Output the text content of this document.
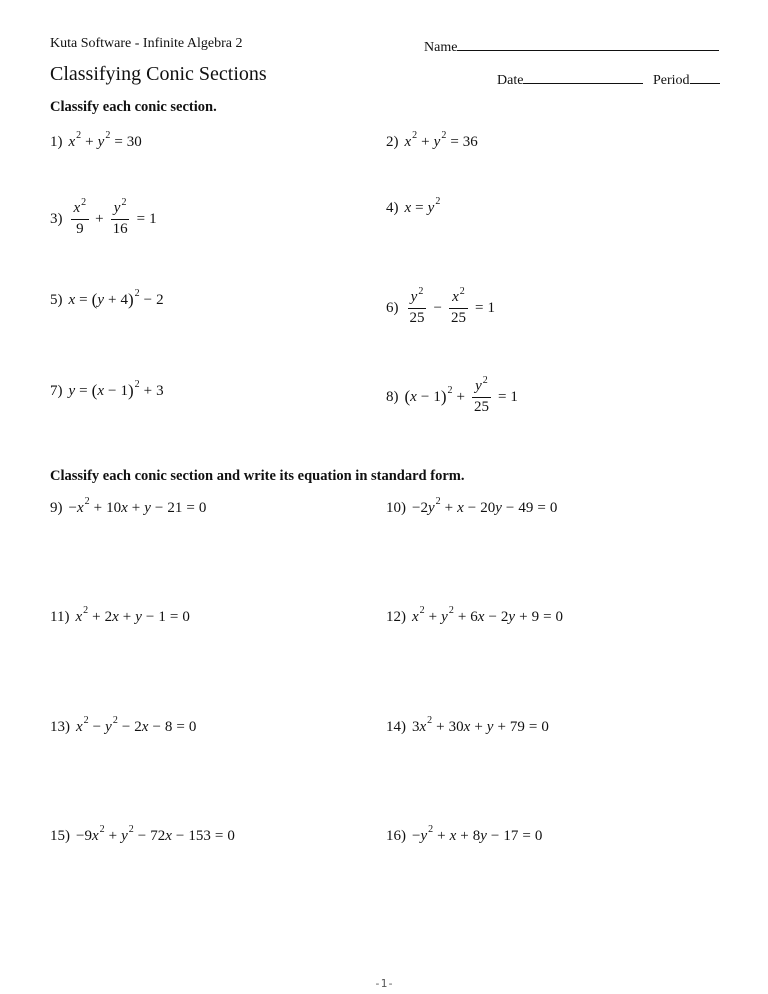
Kuta Software - Infinite Algebra 2	Name
Classifying Conic Sections	Date	Period
Classify each conic section.
1) $x^2 + y^2 = 30$	2) $x^2 + y^2 = 36$
$3) \frac{x^2}{9} + \frac{y^2}{16} = 1$
4) $x = y^2$
5) x = ( y + 4 )$^2$ − 2	$6) \frac{y^2}{25} - \frac{x^2}{25} = 1$
7) y = ( x − 1 )$^2$ + 3	8) ( x − 1 )$^2 + \frac{y^2}{25} = 1$
Classify each conic section and write its equation in standard form.
$9) - x^2 + 10$ x + y − 21 = 0	10) − 2 $y^2 + x - 20$ y − 49 = 0
11) $x^2 + 2$ x + y − 1 = 0	12) $x^2 + y^2 + 6$ x − 2 y + 9 = 0
13) $x^2 - y^2 - 2$ x − 8 = 0	14) 3 $x^2 + 30$ x + y + 79 = 0
15) − 9 $x^2 + y^2 - 72$ x − 153 = 0	$16) - y^2 + x + 8$ y − 17 = 0
-1-
